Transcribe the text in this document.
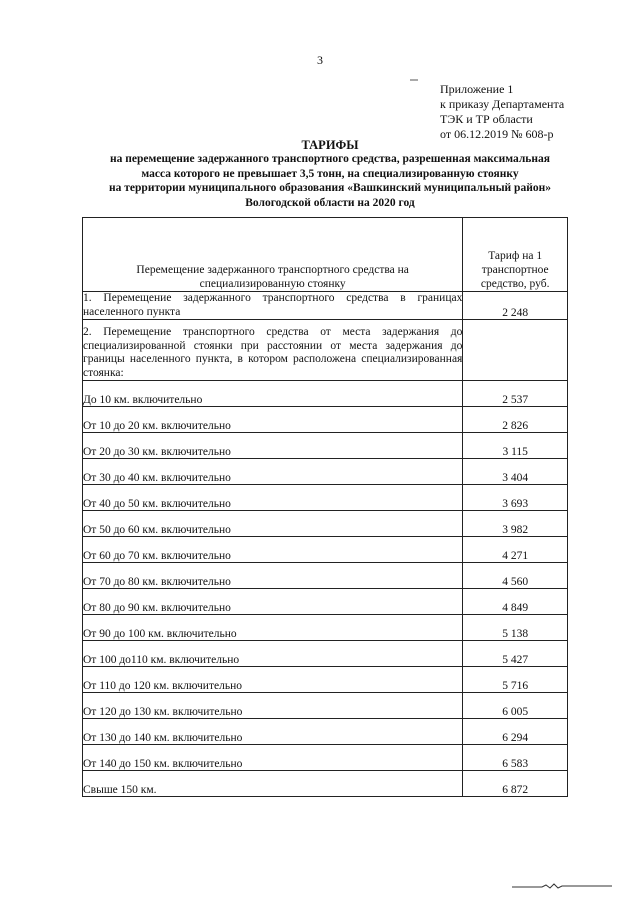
3
Приложение 1
к приказу Департамента
ТЭК и ТР области
от 06.12.2019 № 608-р
ТАРИФЫ
на перемещение задержанного транспортного средства, разрешенная максимальная
масса которого не превышает 3,5 тонн, на специализированную стоянку
на территории муниципального образования «Вашкинский муниципальный район»
Вологодской области на 2020 год
Перемещение задержанного транспортного средства на специализированную стоянку	Тариф на 1 транспортное средство, руб.
1. Перемещение задержанного транспортного средства в границах населенного пункта	2 248
2. Перемещение транспортного средства от места задержания до специализированной стоянки при расстоянии от места задержания до границы населенного пункта, в котором расположена специализированная стоянка:	
До 10 км. включительно	2 537
От 10 до 20 км. включительно	2 826
От 20 до 30 км. включительно	3 115
От 30 до 40 км. включительно	3 404
От 40 до 50 км. включительно	3 693
От 50 до 60 км. включительно	3 982
От 60 до 70 км. включительно	4 271
От 70 до 80 км. включительно	4 560
От 80 до 90 км. включительно	4 849
От 90 до 100 км. включительно	5 138
От 100 до110 км. включительно	5 427
От 110 до 120 км. включительно	5 716
От 120 до 130 км. включительно	6 005
От 130 до 140 км. включительно	6 294
От 140 до 150 км. включительно	6 583
Свыше 150 км.	6 872
